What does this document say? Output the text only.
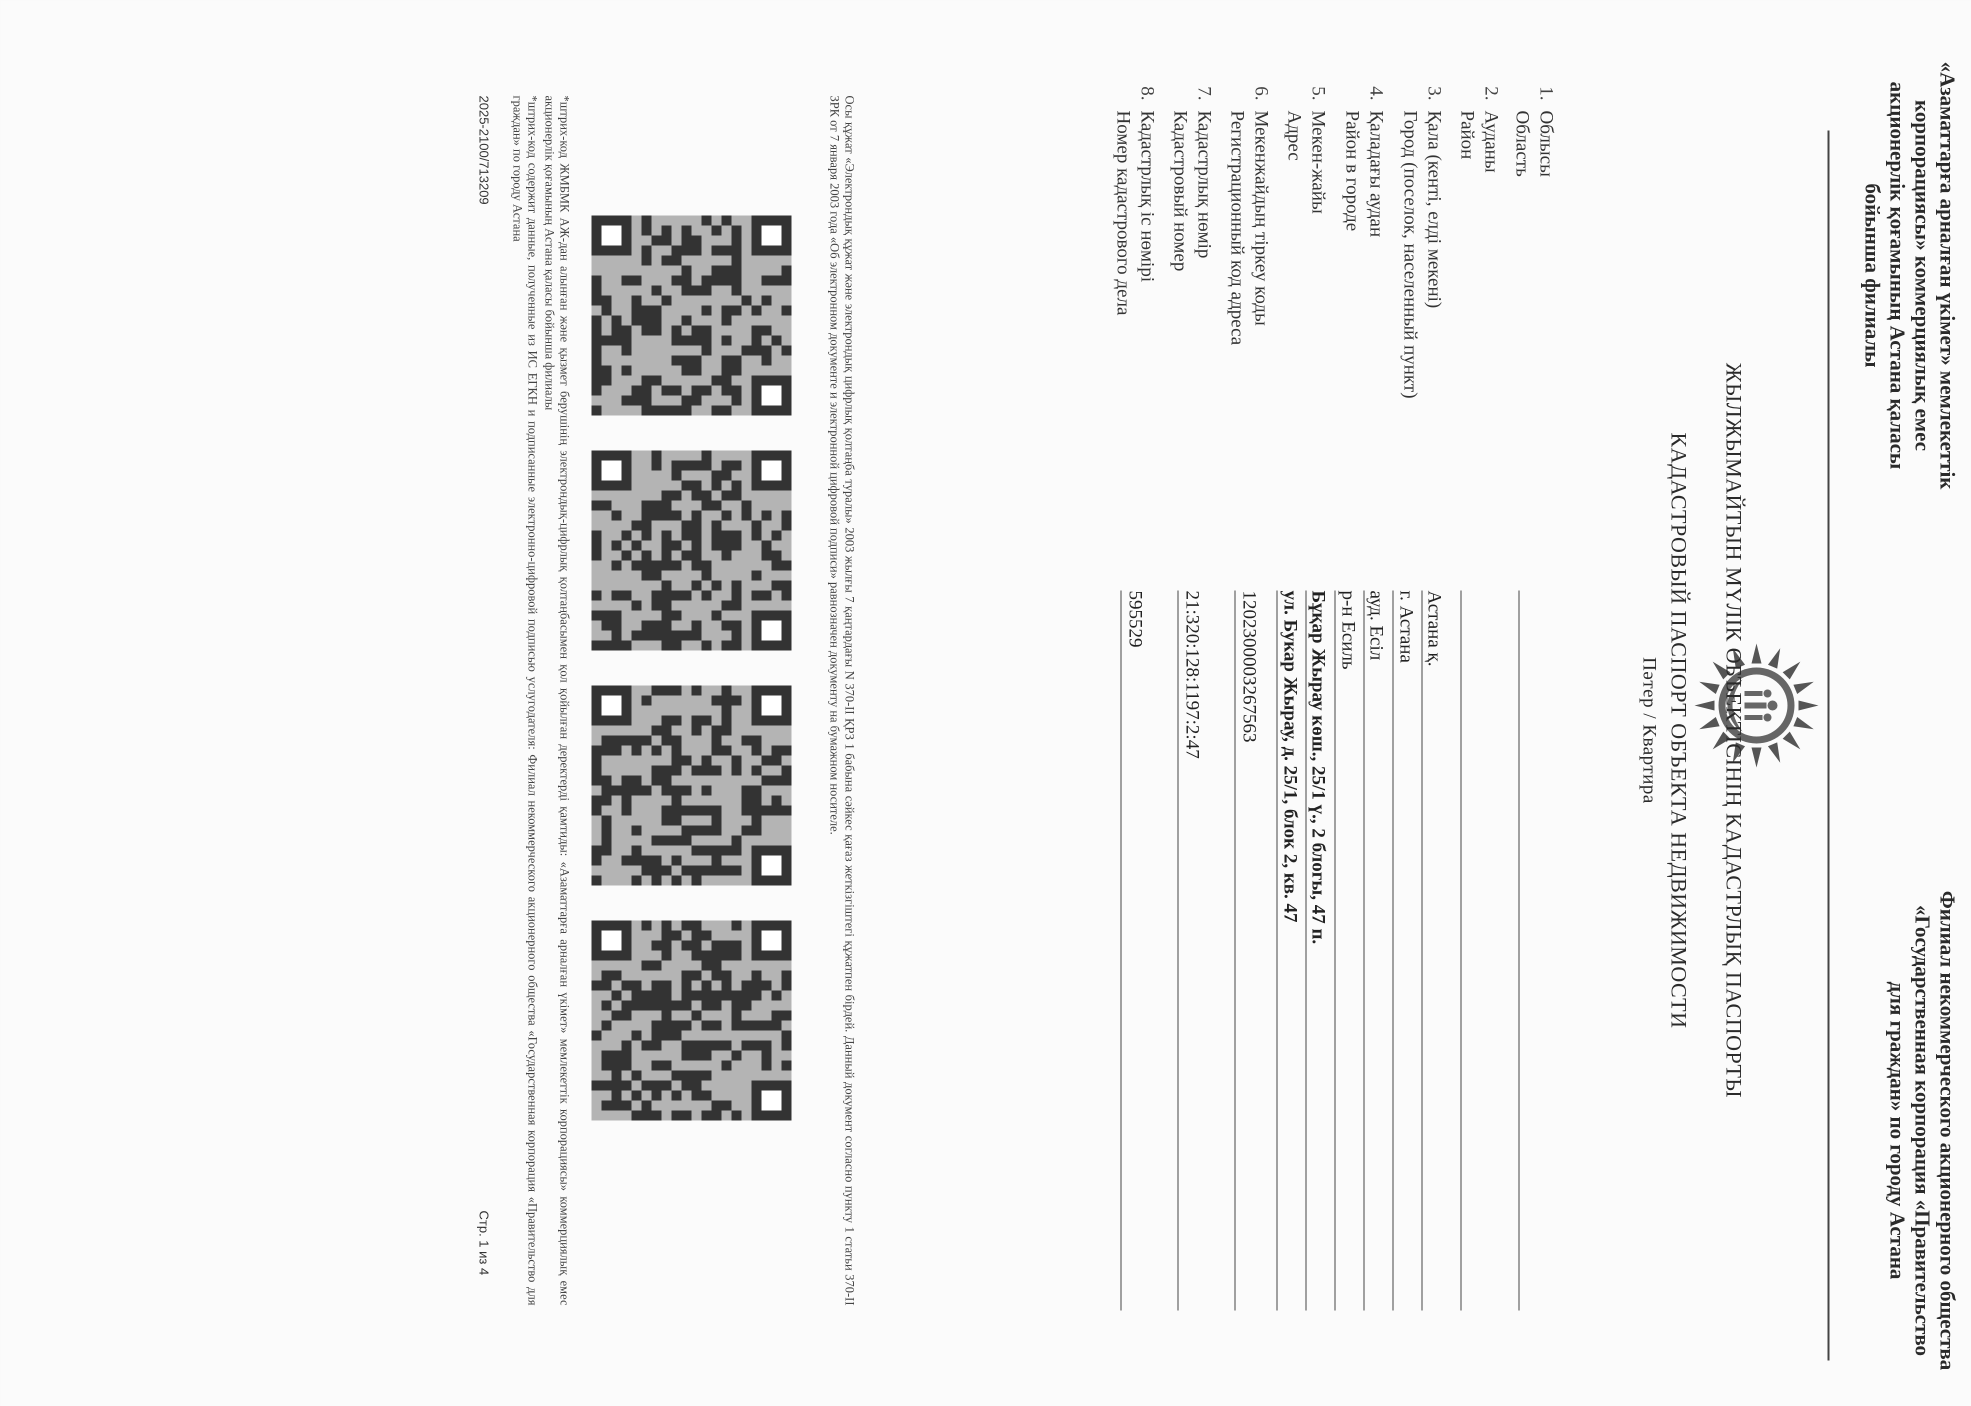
«Азаматтарға арналған үкімет» мемлекеттік корпорациясы» коммерциялық емес акционерлік қоғамының Астана қаласы бойынша филиалы
Филиал некоммерческого акционерного общества «Государственная корпорация «Правительство для граждан» по городу Астана
ЖЫЛЖЫМАЙТЫН МҮЛІК ОБЪЕКТІСІНІҢ КАДАСТРЛЫҚ ПАСПОРТЫ
КАДАСТРОВЫЙ ПАСПОРТ ОБЪЕКТА НЕДВИЖИМОСТИ
Пәтер / Квартира
1.
Облысы
Область
2.
Ауданы
Район
3.
Қала (кенті, елді мекені)
Город (поселок, населенный пункт)
Астана қ.
г. Астана
4.
Қаладағы аудан
Район в городе
ауд. Есіл
р-н Есиль
5.
Мекен-жайы
Адрес
Бұқар Жырау көш., 25/1 ү., 2 блогы, 47 п.
ул. Букар Жырау, д. 25/1, блок 2, кв. 47
6.
Мекенжайдың тіркеу коды
Регистрационный код адреса
120230000З267563
7.
Кадастрлық нөмір
Кадастровый номер
21:320:128:1197:2:47
8.
Кадастрлық іс нөмірі
Номер кадастрового дела
595529
Осы құжат «Электрондық құжат және электрондық цифрлық қолтаңба туралы» 2003 жылғы 7 қаңтардағы N 370-II ҚРЗ 1 бабына сәйкес қағаз жеткізгіштегі құжатпен бірдей. Данный документ согласно пункту 1 статьи 370-II ЗРК от 7 января 2003 года «Об электронном документе и электронной цифровой подписи» равнозначен документу на бумажном носителе.
*штрих-код ЖМБМК АЖ-дан алынған және қызмет берушінің электрондық-цифрлық қолтаңбасымен қол қойылған деректерді қамтиды: «Азаматтарға арналған үкімет» мемлекеттік корпорациясы» коммерциялық емес акционерлік қоғамының Астана қаласы бойынша филиалы
*штрих-код содержит данные, полученные из ИС ЕГКН и подписанные электронно-цифровой подписью услугодателя: Филиал некоммерческого акционерного общества «Государственная корпорация «Правительство для граждан» по городу Астана
2025-2100/713209
Стр. 1 из 4
